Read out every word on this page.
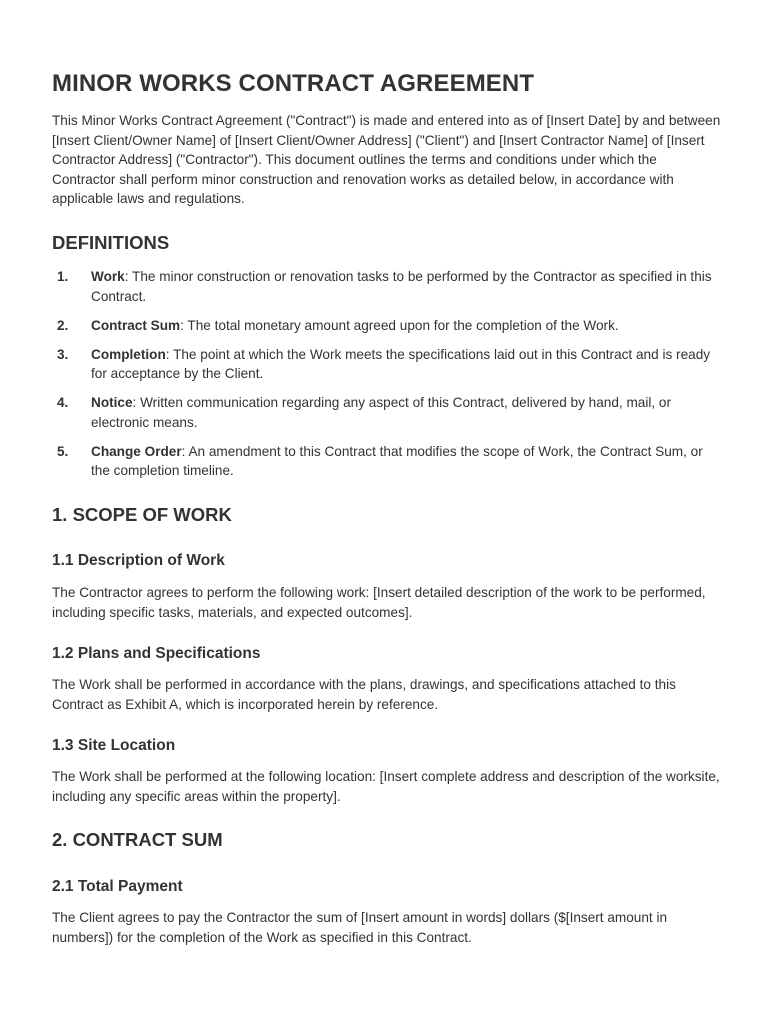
MINOR WORKS CONTRACT AGREEMENT

This Minor Works Contract Agreement ("Contract") is made and entered into as of [Insert Date] by and between [Insert Client/Owner Name] of [Insert Client/Owner Address] ("Client") and [Insert Contractor Name] of [Insert Contractor Address] ("Contractor"). This document outlines the terms and conditions under which the Contractor shall perform minor construction and renovation works as detailed below, in accordance with applicable laws and regulations.

DEFINITIONS
1. Work: The minor construction or renovation tasks to be performed by the Contractor as specified in this Contract.
2. Contract Sum: The total monetary amount agreed upon for the completion of the Work.
3. Completion: The point at which the Work meets the specifications laid out in this Contract and is ready for acceptance by the Client.
4. Notice: Written communication regarding any aspect of this Contract, delivered by hand, mail, or electronic means.
5. Change Order: An amendment to this Contract that modifies the scope of Work, the Contract Sum, or the completion timeline.
1. SCOPE OF WORK
1.1 Description of Work

The Contractor agrees to perform the following work: [Insert detailed description of the work to be performed, including specific tasks, materials, and expected outcomes].

1.2 Plans and Specifications

The Work shall be performed in accordance with the plans, drawings, and specifications attached to this Contract as Exhibit A, which is incorporated herein by reference.

1.3 Site Location

The Work shall be performed at the following location: [Insert complete address and description of the worksite, including any specific areas within the property].

2. CONTRACT SUM
2.1 Total Payment

The Client agrees to pay the Contractor the sum of [Insert amount in words] dollars ($[Insert amount in numbers]) for the completion of the Work as specified in this Contract.
